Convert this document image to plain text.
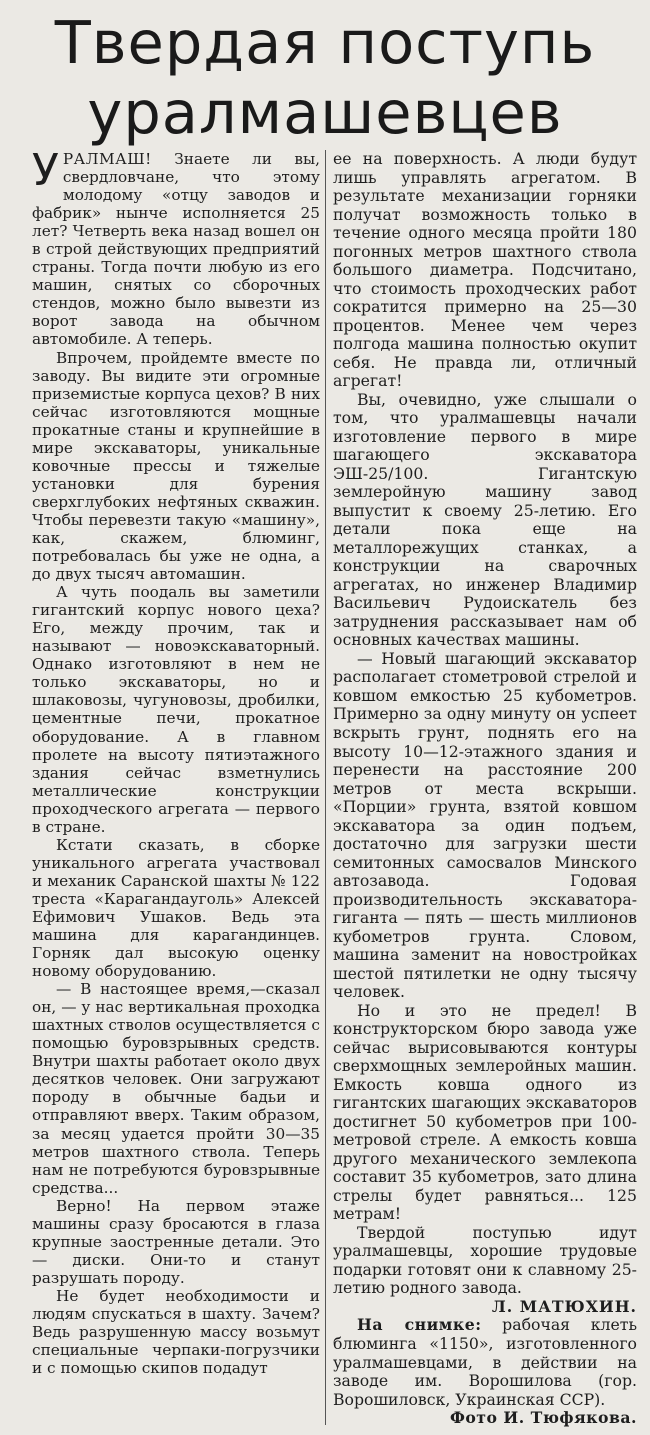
Твердая поступь
уралмашевцев

УРАЛМАШ! Знаете ли вы, свердловчане, что этому молодому «отцу заводов и фабрик» нынче исполняется 25 лет? Четверть века назад вошел он в строй действующих предприятий страны. Тогда почти любую из его машин, снятых со сборочных стендов, можно было вывезти из ворот завода на обычном автомобиле. А теперь.

Впрочем, пройдемте вместе по заводу. Вы видите эти огромные приземистые корпуса цехов? В них сейчас изготовляются мощные прокатные станы и крупнейшие в мире экскаваторы, уникальные ковочные прессы и тяжелые установки для бурения сверхглубоких нефтяных скважин. Чтобы перевезти такую «машину», как, скажем, блюминг, потребовалась бы уже не одна, а до двух тысяч автомашин.

А чуть поодаль вы заметили гигантский корпус нового цеха? Его, между прочим, так и называют — новоэкскаваторный. Однако изготовляют в нем не только экскаваторы, но и шлаковозы, чугуновозы, дробилки, цементные печи, прокатное оборудование. А в главном пролете на высоту пятиэтажного здания сейчас взметнулись металлические конструкции проходческого агрегата — первого в стране.

Кстати сказать, в сборке уникального агрегата участвовал и механик Саранской шахты № 122 треста «Карагандауголь» Алексей Ефимович Ушаков. Ведь эта машина для карагандинцев. Горняк дал высокую оценку новому оборудованию.

— В настоящее время,—сказал он, — у нас вертикальная проходка шахтных стволов осуществляется с помощью буровзрывных средств. Внутри шахты работает около двух десятков человек. Они загружают породу в обычные бадьи и отправляют вверх. Таким образом, за месяц удается пройти 30—35 метров шахтного ствола. Теперь нам не потребуются буровзрывные средства...

Верно! На первом этаже машины сразу бросаются в глаза крупные заостренные детали. Это — диски. Они-то и станут разрушать породу.

Не будет необходимости и людям спускаться в шахту. Зачем? Ведь разрушенную массу возьмут специальные черпаки-погрузчики и с помощью скипов подадут

ее на поверхность. А люди будут лишь управлять агрегатом. В результате механизации горняки получат возможность только в течение одного месяца пройти 180 погонных метров шахтного ствола большого диаметра. Подсчитано, что стоимость проходческих работ сократится примерно на 25—30 процентов. Менее чем через полгода машина полностью окупит себя. Не правда ли, отличный агрегат!

Вы, очевидно, уже слышали о том, что уралмашевцы начали изготовление первого в мире шагающего экскаватора ЭШ-25/100. Гигантскую землеройную машину завод выпустит к своему 25-летию. Его детали пока еще на металлорежущих станках, а конструкции на сварочных агрегатах, но инженер Владимир Васильевич Рудоискатель без затруднения рассказывает нам об основных качествах машины.

— Новый шагающий экскаватор располагает стометровой стрелой и ковшом емкостью 25 кубометров. Примерно за одну минуту он успеет вскрыть грунт, поднять его на высоту 10—12-этажного здания и перенести на расстояние 200 метров от места вскрыши. «Порции» грунта, взятой ковшом экскаватора за один подъем, достаточно для загрузки шести семитонных самосвалов Минского автозавода. Годовая производительность экскаватора-гиганта — пять — шесть миллионов кубометров грунта. Словом, машина заменит на новостройках шестой пятилетки не одну тысячу человек.

Но и это не предел! В конструкторском бюро завода уже сейчас вырисовываются контуры сверхмощных землеройных машин. Емкость ковша одного из гигантских шагающих экскаваторов достигнет 50 кубометров при 100-метровой стреле. А емкость ковша другого механического землекопа составит 35 кубометров, зато длина стрелы будет равняться... 125 метрам!

Твердой поступью идут уралмашевцы, хорошие трудовые подарки готовят они к славному 25-летию родного завода.

Л. МАТЮХИН.

На снимке: рабочая клеть блюминга «1150», изготовленного уралмашевцами, в действии на заводе им. Ворошилова (гор. Ворошиловск, Украинская ССР).

Фото И. Тюфякова.
